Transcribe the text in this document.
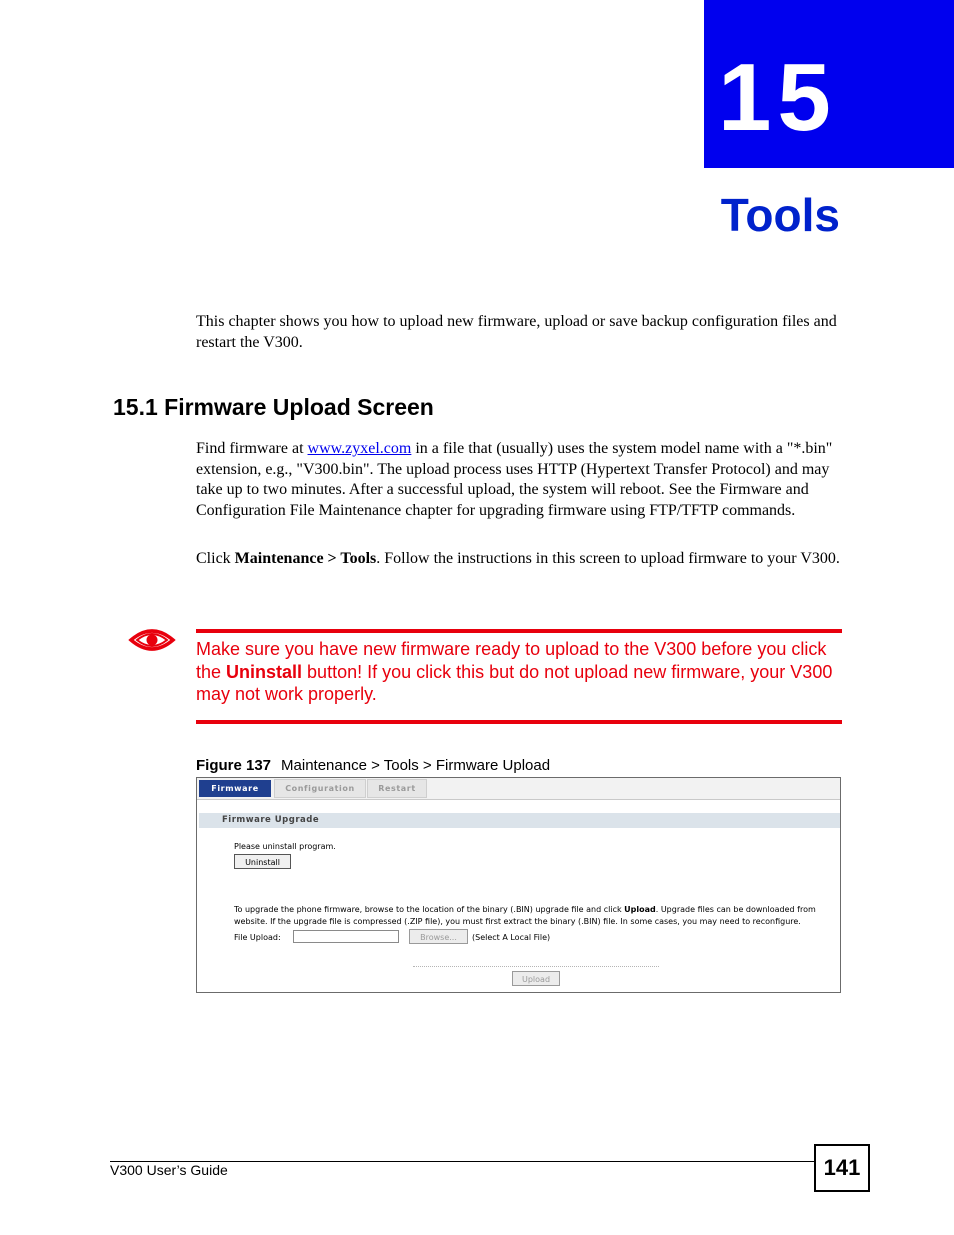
15
Tools
This chapter shows you how to upload new firmware, upload or save backup configuration files and restart the V300.
15.1 Firmware Upload Screen
Find firmware at www.zyxel.com in a file that (usually) uses the system model name with a "*.bin" extension, e.g., "V300.bin". The upload process uses HTTP (Hypertext Transfer Protocol) and may take up to two minutes. After a successful upload, the system will reboot. See the Firmware and Configuration File Maintenance chapter for upgrading firmware using FTP/TFTP commands.
Click Maintenance > Tools. Follow the instructions in this screen to upload firmware to your V300.
Make sure you have new firmware ready to upload to the V300 before you click the Uninstall button! If you click this but do not upload new firmware, your V300 may not work properly.
Figure 137 Maintenance > Tools > Firmware Upload
Firmware	Configuration	Restart
Firmware Upgrade
Please uninstall program.
Uninstall
To upgrade the phone firmware, browse to the location of the binary (.BIN) upgrade file and click Upload. Upgrade files can be downloaded from
website. If the upgrade file is compressed (.ZIP file), you must first extract the binary (.BIN) file. In some cases, you may need to reconfigure.
File Upload:	Browse...	(Select A Local File)
Upload
V300 User’s Guide	141
